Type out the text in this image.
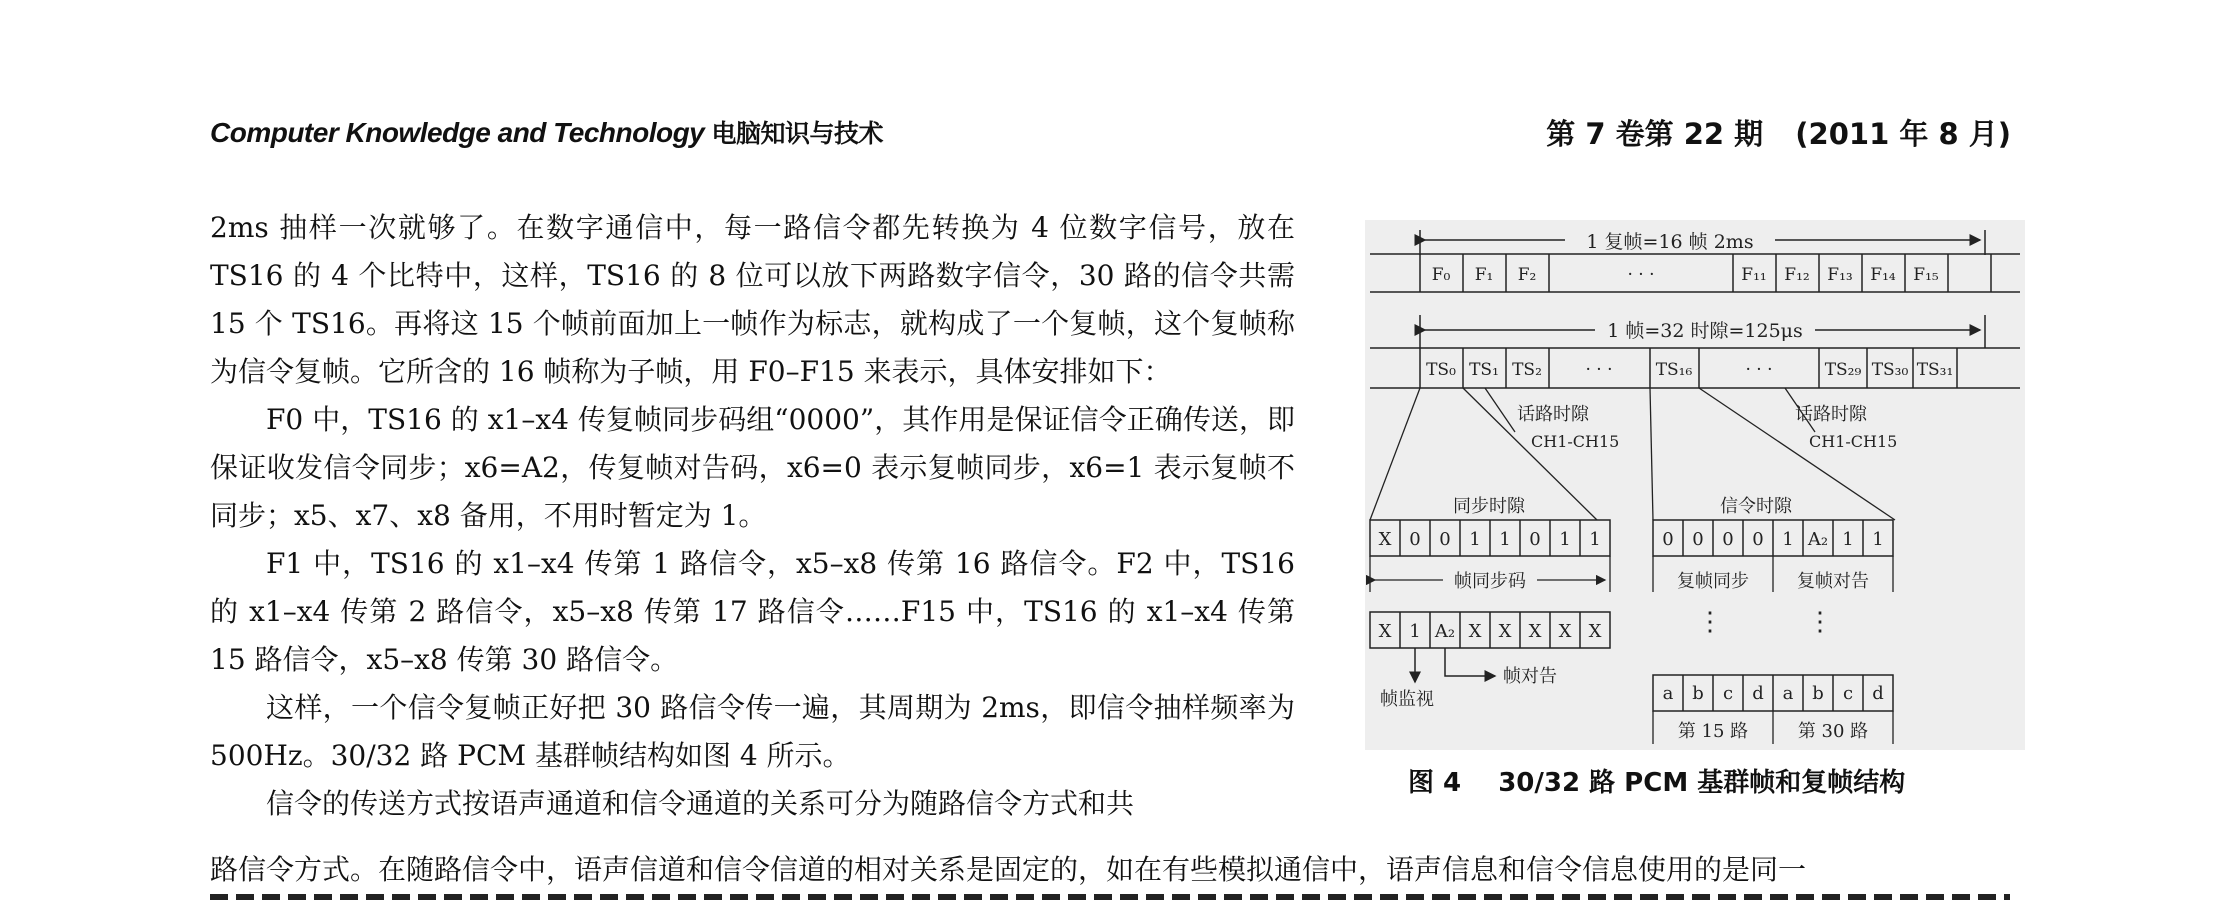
Computer Knowledge and Technology 电脑知识与技术	第 7 卷第 22 期 (2011 年 8 月)

2ms 抽样一次就够了。在数字通信中，每一路信令都先转换为 4 位数字信号，放在 TS16 的 4 个比特中，这样，TS16 的 8 位可以放下两路数字信令，30 路的信令共需 15 个 TS16。再将这 15 个帧前面加上一帧作为标志，就构成了一个复帧，这个复帧称为信令复帧。它所含的 16 帧称为子帧，用 F0–F15 来表示，具体安排如下：

F0 中，TS16 的 x1–x4 传复帧同步码组“0000”，其作用是保证信令正确传送，即保证收发信令同步；x6=A2，传复帧对告码，x6=0 表示复帧同步，x6=1 表示复帧不同步；x5、x7、x8 备用，不用时暂定为 1。

F1 中，TS16 的 x1–x4 传第 1 路信令，x5–x8 传第 16 路信令。F2 中，TS16 的 x1–x4 传第 2 路信令，x5–x8 传第 17 路信令……F15 中，TS16 的 x1–x4 传第 15 路信令，x5–x8 传第 30 路信令。

这样，一个信令复帧正好把 30 路信令传一遍，其周期为 2ms，即信令抽样频率为 500Hz。30/32 路 PCM 基群帧结构如图 4 所示。

信令的传送方式按语声通道和信令通道的关系可分为随路信令方式和共

路信令方式。在随路信令中，语声信道和信令信道的相对关系是固定的，如在有些模拟通信中，语声信息和信令信息使用的是同一
1 复帧=16 帧 2ms
F₀ F₁ F₂	· · ·	F₁₁ F₁₂ F₁₃ F₁₄ F₁₅
1 帧=32 时隙=125μs
TS₀ TS₁ TS₂	· · ·	TS₁₆	· · ·	TS₂₉ TS₃₀ TS₃₁
话路时隙
CH1-CH15
话路时隙
CH1-CH15
同步时隙	信令时隙
X 0 0 1 1 0 1 1
帧同步码
0 0 0 0 1 A₂ 1 1
复帧同步	复帧对告
X 1 A₂ X X X X X
帧对告
帧监视
⋮	⋮
a b c d a b c d
第 15 路	第 30 路
图 4 30/32 路 PCM 基群帧和复帧结构
